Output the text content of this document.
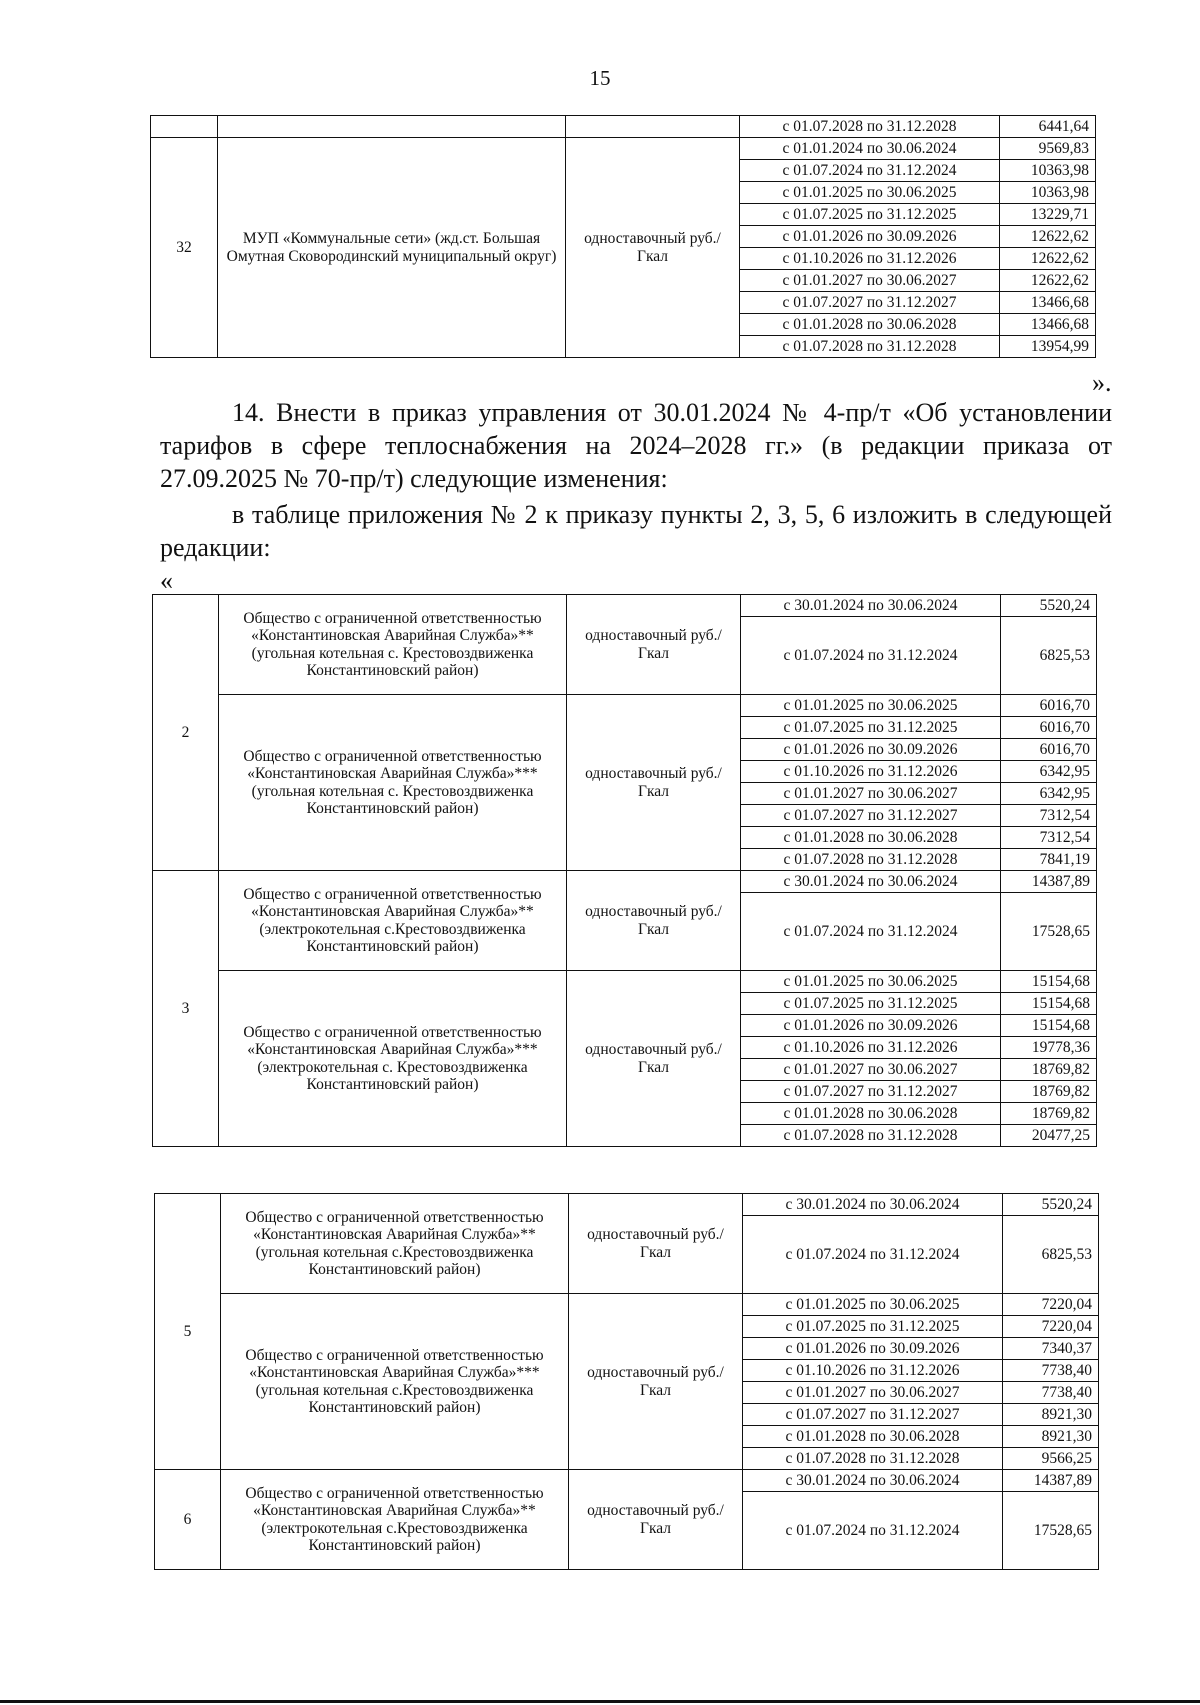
15
			с 01.07.2028 по 31.12.2028	6441,64
32	МУП «Коммунальные сети» (жд.ст. Большая Омутная Сковородинский муниципальный округ)	одноставочный руб./Гкал	с 01.01.2024 по 30.06.2024	9569,83
			с 01.07.2024 по 31.12.2024	10363,98
			с 01.01.2025 по 30.06.2025	10363,98
			с 01.07.2025 по 31.12.2025	13229,71
			с 01.01.2026 по 30.09.2026	12622,62
			с 01.10.2026 по 31.12.2026	12622,62
			с 01.01.2027 по 30.06.2027	12622,62
			с 01.07.2027 по 31.12.2027	13466,68
			с 01.01.2028 по 30.06.2028	13466,68
			с 01.07.2028 по 31.12.2028	13954,99
».
14. Внести в приказ управления от 30.01.2024 № 4-пр/т «Об установлении тарифов в сфере теплоснабжения на 2024–2028 гг.» (в редакции приказа от 27.09.2025 № 70-пр/т) следующие изменения:
в таблице приложения № 2 к приказу пункты 2, 3, 5, 6 изложить в следующей редакции:
«
2	Общество с ограниченной ответственностью «Константиновская Аварийная Служба»** (угольная котельная с. Крестовоздвиженка Константиновский район)	одноставочный руб./Гкал	с 30.01.2024 по 30.06.2024	5520,24
			с 01.07.2024 по 31.12.2024	6825,53
	Общество с ограниченной ответственностью «Константиновская Аварийная Служба»*** (угольная котельная с. Крестовоздвиженка Константиновский район)	одноставочный руб./Гкал	с 01.01.2025 по 30.06.2025	6016,70
			с 01.07.2025 по 31.12.2025	6016,70
			с 01.01.2026 по 30.09.2026	6016,70
			с 01.10.2026 по 31.12.2026	6342,95
			с 01.01.2027 по 30.06.2027	6342,95
			с 01.07.2027 по 31.12.2027	7312,54
			с 01.01.2028 по 30.06.2028	7312,54
			с 01.07.2028 по 31.12.2028	7841,19
3	Общество с ограниченной ответственностью «Константиновская Аварийная Служба»** (электрокотельная с.Крестовоздвиженка Константиновский район)	одноставочный руб./Гкал	с 30.01.2024 по 30.06.2024	14387,89
			с 01.07.2024 по 31.12.2024	17528,65
	Общество с ограниченной ответственностью «Константиновская Аварийная Служба»*** (электрокотельная с. Крестовоздвиженка Константиновский район)	одноставочный руб./Гкал	с 01.01.2025 по 30.06.2025	15154,68
			с 01.07.2025 по 31.12.2025	15154,68
			с 01.01.2026 по 30.09.2026	15154,68
			с 01.10.2026 по 31.12.2026	19778,36
			с 01.01.2027 по 30.06.2027	18769,82
			с 01.07.2027 по 31.12.2027	18769,82
			с 01.01.2028 по 30.06.2028	18769,82
			с 01.07.2028 по 31.12.2028	20477,25
5	Общество с ограниченной ответственностью «Константиновская Аварийная Служба»** (угольная котельная с.Крестовоздвиженка Константиновский район)	одноставочный руб./Гкал	с 30.01.2024 по 30.06.2024	5520,24
			с 01.07.2024 по 31.12.2024	6825,53
	Общество с ограниченной ответственностью «Константиновская Аварийная Служба»*** (угольная котельная с.Крестовоздвиженка Константиновский район)	одноставочный руб./Гкал	с 01.01.2025 по 30.06.2025	7220,04
			с 01.07.2025 по 31.12.2025	7220,04
			с 01.01.2026 по 30.09.2026	7340,37
			с 01.10.2026 по 31.12.2026	7738,40
			с 01.01.2027 по 30.06.2027	7738,40
			с 01.07.2027 по 31.12.2027	8921,30
			с 01.01.2028 по 30.06.2028	8921,30
			с 01.07.2028 по 31.12.2028	9566,25
6	Общество с ограниченной ответственностью «Константиновская Аварийная Служба»** (электрокотельная с.Крестовоздвиженка Константиновский район)	одноставочный руб./Гкал	с 30.01.2024 по 30.06.2024	14387,89
			с 01.07.2024 по 31.12.2024	17528,65
